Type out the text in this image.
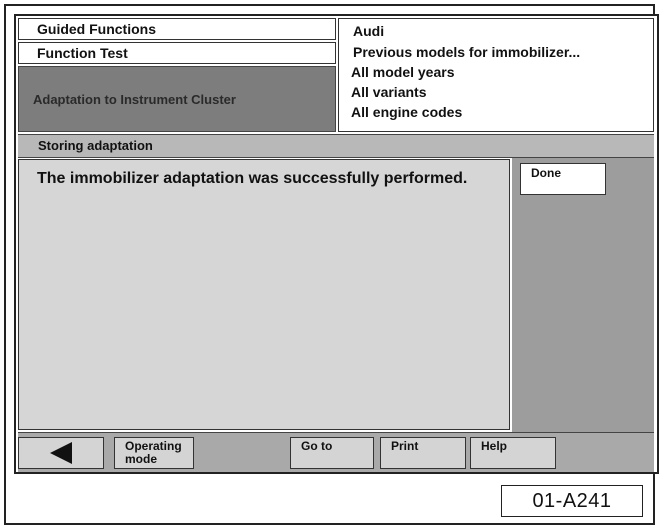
Guided Functions
Function Test
Adaptation to Instrument Cluster
Audi
Previous models for immobilizer...
All model years
All variants
All engine codes
Storing adaptation
Done
The immobilizer adaptation was successfully performed.
Operating mode
Go to	Print	Help
01-A241
